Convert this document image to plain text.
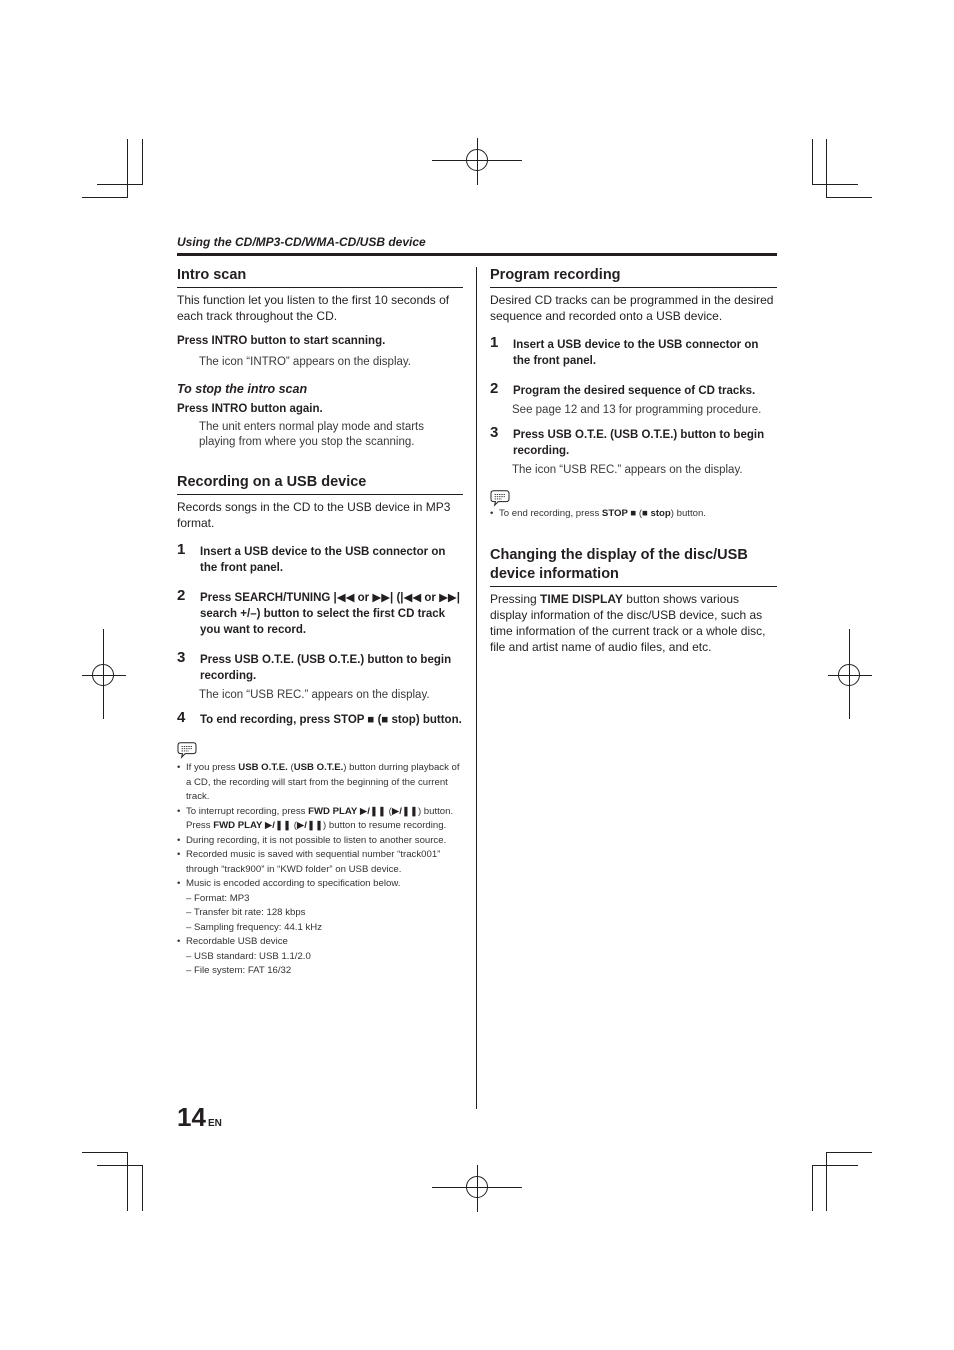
Using the CD/MP3-CD/WMA-CD/USB device
Intro scan

This function let you listen to the first 10 seconds of each track throughout the CD.

Press INTRO button to start scanning.

The icon “INTRO” appears on the display.

To stop the intro scan

Press INTRO button again.

The unit enters normal play mode and starts playing from where you stop the scanning.

Recording on a USB device

Records songs in the CD to the USB device in MP3 format.

1	Insert a USB device to the USB connector on the front panel.
2	Press SEARCH/TUNING |◀◀ or ▶▶| (|◀◀ or ▶▶| search +/–) button to select the first CD track you want to record.
3	Press USB O.T.E. (USB O.T.E.) button to begin recording.

The icon “USB REC.” appears on the display.

4	To end recording, press STOP ■ (■ stop) button.
• If you press USB O.T.E. (USB O.T.E.) button durring playback of a CD, the recording will start from the beginning of the current track.
• To interrupt recording, press FWD PLAY ▶/❚❚ (▶/❚❚) button.
Press FWD PLAY ▶/❚❚ (▶/❚❚) button to resume recording.
• During recording, it is not possible to listen to another source.
• Recorded music is saved with sequential number “track001” through “track900” in “KWD folder” on USB device.
• Music is encoded according to specification below.
– Format: MP3
– Transfer bit rate: 128 kbps
– Sampling frequency: 44.1 kHz
• Recordable USB device
– USB standard: USB 1.1/2.0
– File system: FAT 16/32
Program recording

Desired CD tracks can be programmed in the desired sequence and recorded onto a USB device.

1	Insert a USB device to the USB connector on the front panel.
2	Program the desired sequence of CD tracks.

See page 12 and 13 for programming procedure.

3	Press USB O.T.E. (USB O.T.E.) button to begin recording.

The icon “USB REC.” appears on the display.

• To end recording, press STOP ■ (■ stop) button.
Changing the display of the disc/USB device information

Pressing TIME DISPLAY button shows various display information of the disc/USB device, such as time information of the current track or a whole disc, file and artist name of audio files, and etc.

14 EN
